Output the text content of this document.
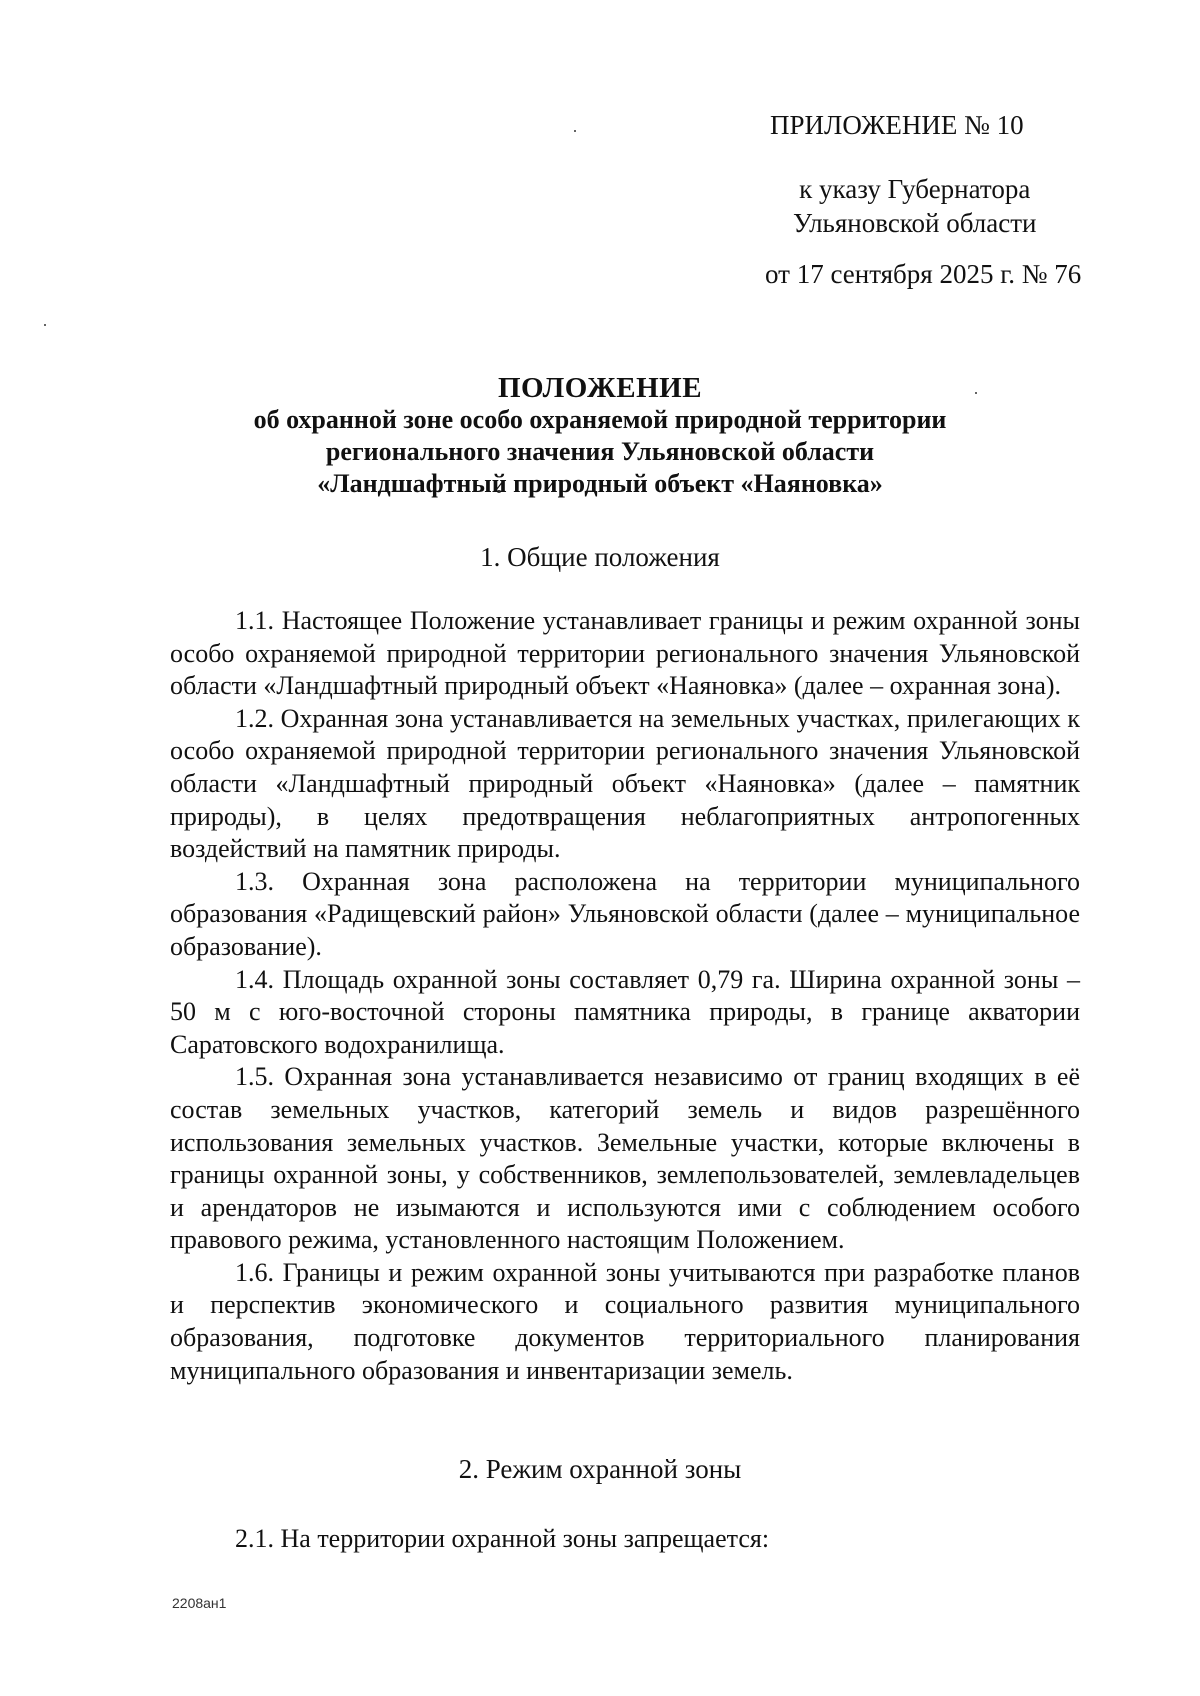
ПРИЛОЖЕНИЕ № 10
к указу Губернатора
Ульяновской области
от 17 сентября 2025 г. № 76
ПОЛОЖЕНИЕ
об охранной зоне особо охраняемой природной территории
регионального значения Ульяновской области
«Ландшафтный природный объект «Наяновка»
1. Общие положения

1.1. Настоящее Положение устанавливает границы и режим охранной зоны особо охраняемой природной территории регионального значения Ульяновской области «Ландшафтный природный объект «Наяновка» (далее – охранная зона).

1.2. Охранная зона устанавливается на земельных участках, прилегающих к особо охраняемой природной территории регионального значения Ульяновской области «Ландшафтный природный объект «Наяновка» (далее – памятник природы), в целях предотвращения неблагоприятных антропогенных воздействий на памятник природы.

1.3. Охранная зона расположена на территории муниципального образования «Радищевский район» Ульяновской области (далее – муниципальное образование).

1.4. Площадь охранной зоны составляет 0,79 га. Ширина охранной зоны – 50 м с юго-восточной стороны памятника природы, в границе акватории Саратовского водохранилища.

1.5. Охранная зона устанавливается независимо от границ входящих в её состав земельных участков, категорий земель и видов разрешённого использования земельных участков. Земельные участки, которые включены в границы охранной зоны, у собственников, землепользователей, землевладельцев и арендаторов не изымаются и используются ими с соблюдением особого правового режима, установленного настоящим Положением.

1.6. Границы и режим охранной зоны учитываются при разработке планов и перспектив экономического и социального развития муниципального образования, подготовке документов территориального планирования муниципального образования и инвентаризации земель.

2. Режим охранной зоны

2.1. На территории охранной зоны запрещается:

2208ан1
